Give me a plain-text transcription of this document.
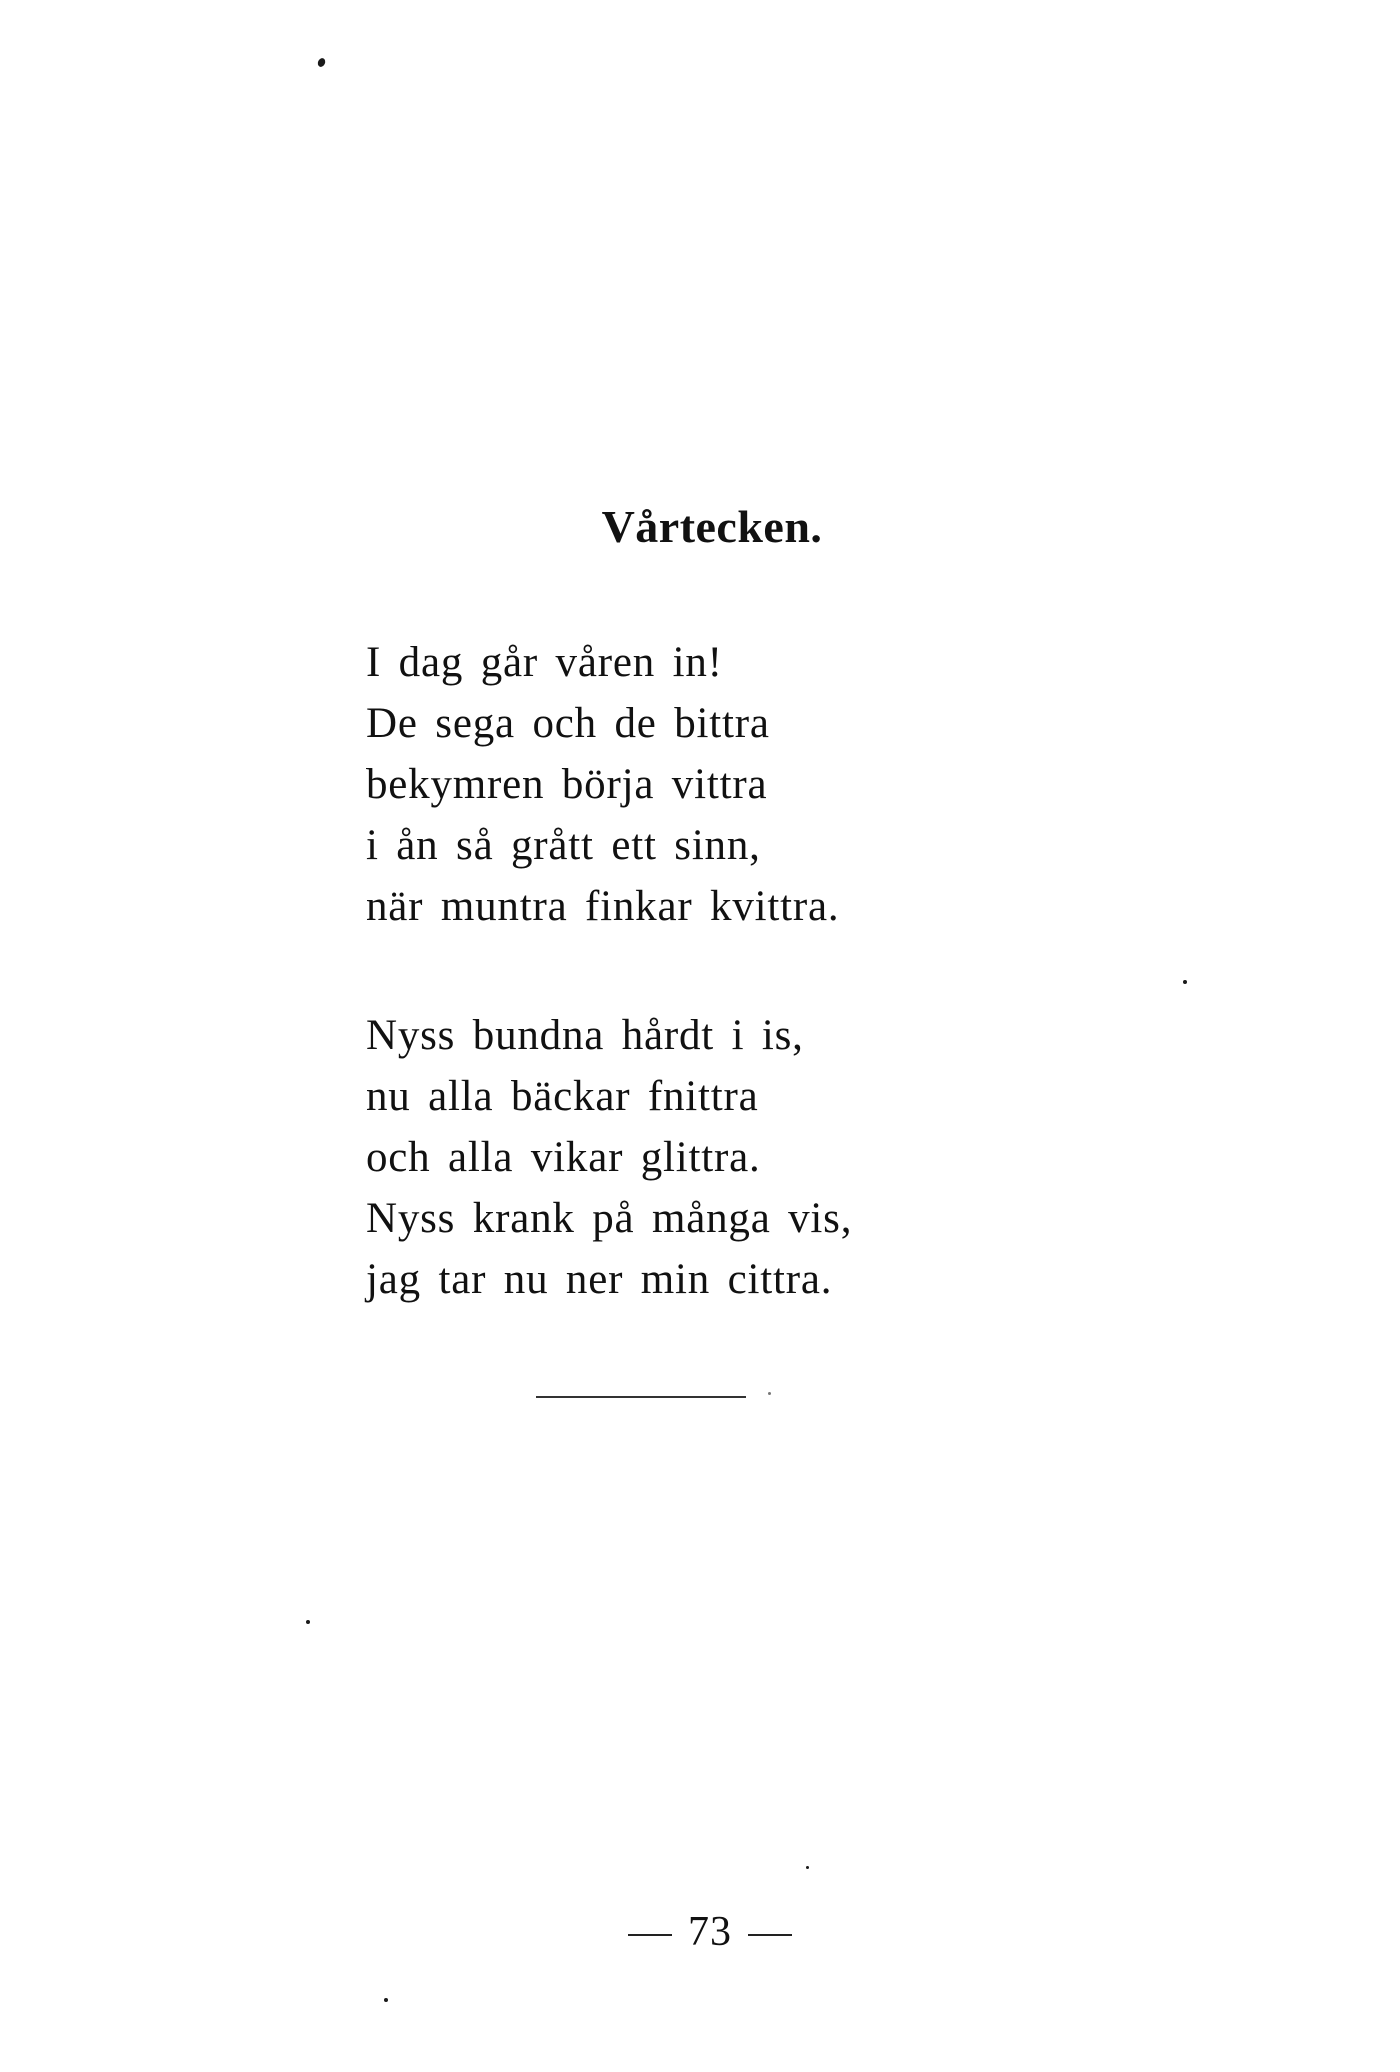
Vårtecken.

I dag går våren in!
De sega och de bittra
bekymren börja vittra
i ån så grått ett sinn,
när muntra finkar kvittra.

Nyss bundna hårdt i is,
nu alla bäckar fnittra
och alla vikar glittra.
Nyss krank på många vis,
jag tar nu ner min cittra.

73
